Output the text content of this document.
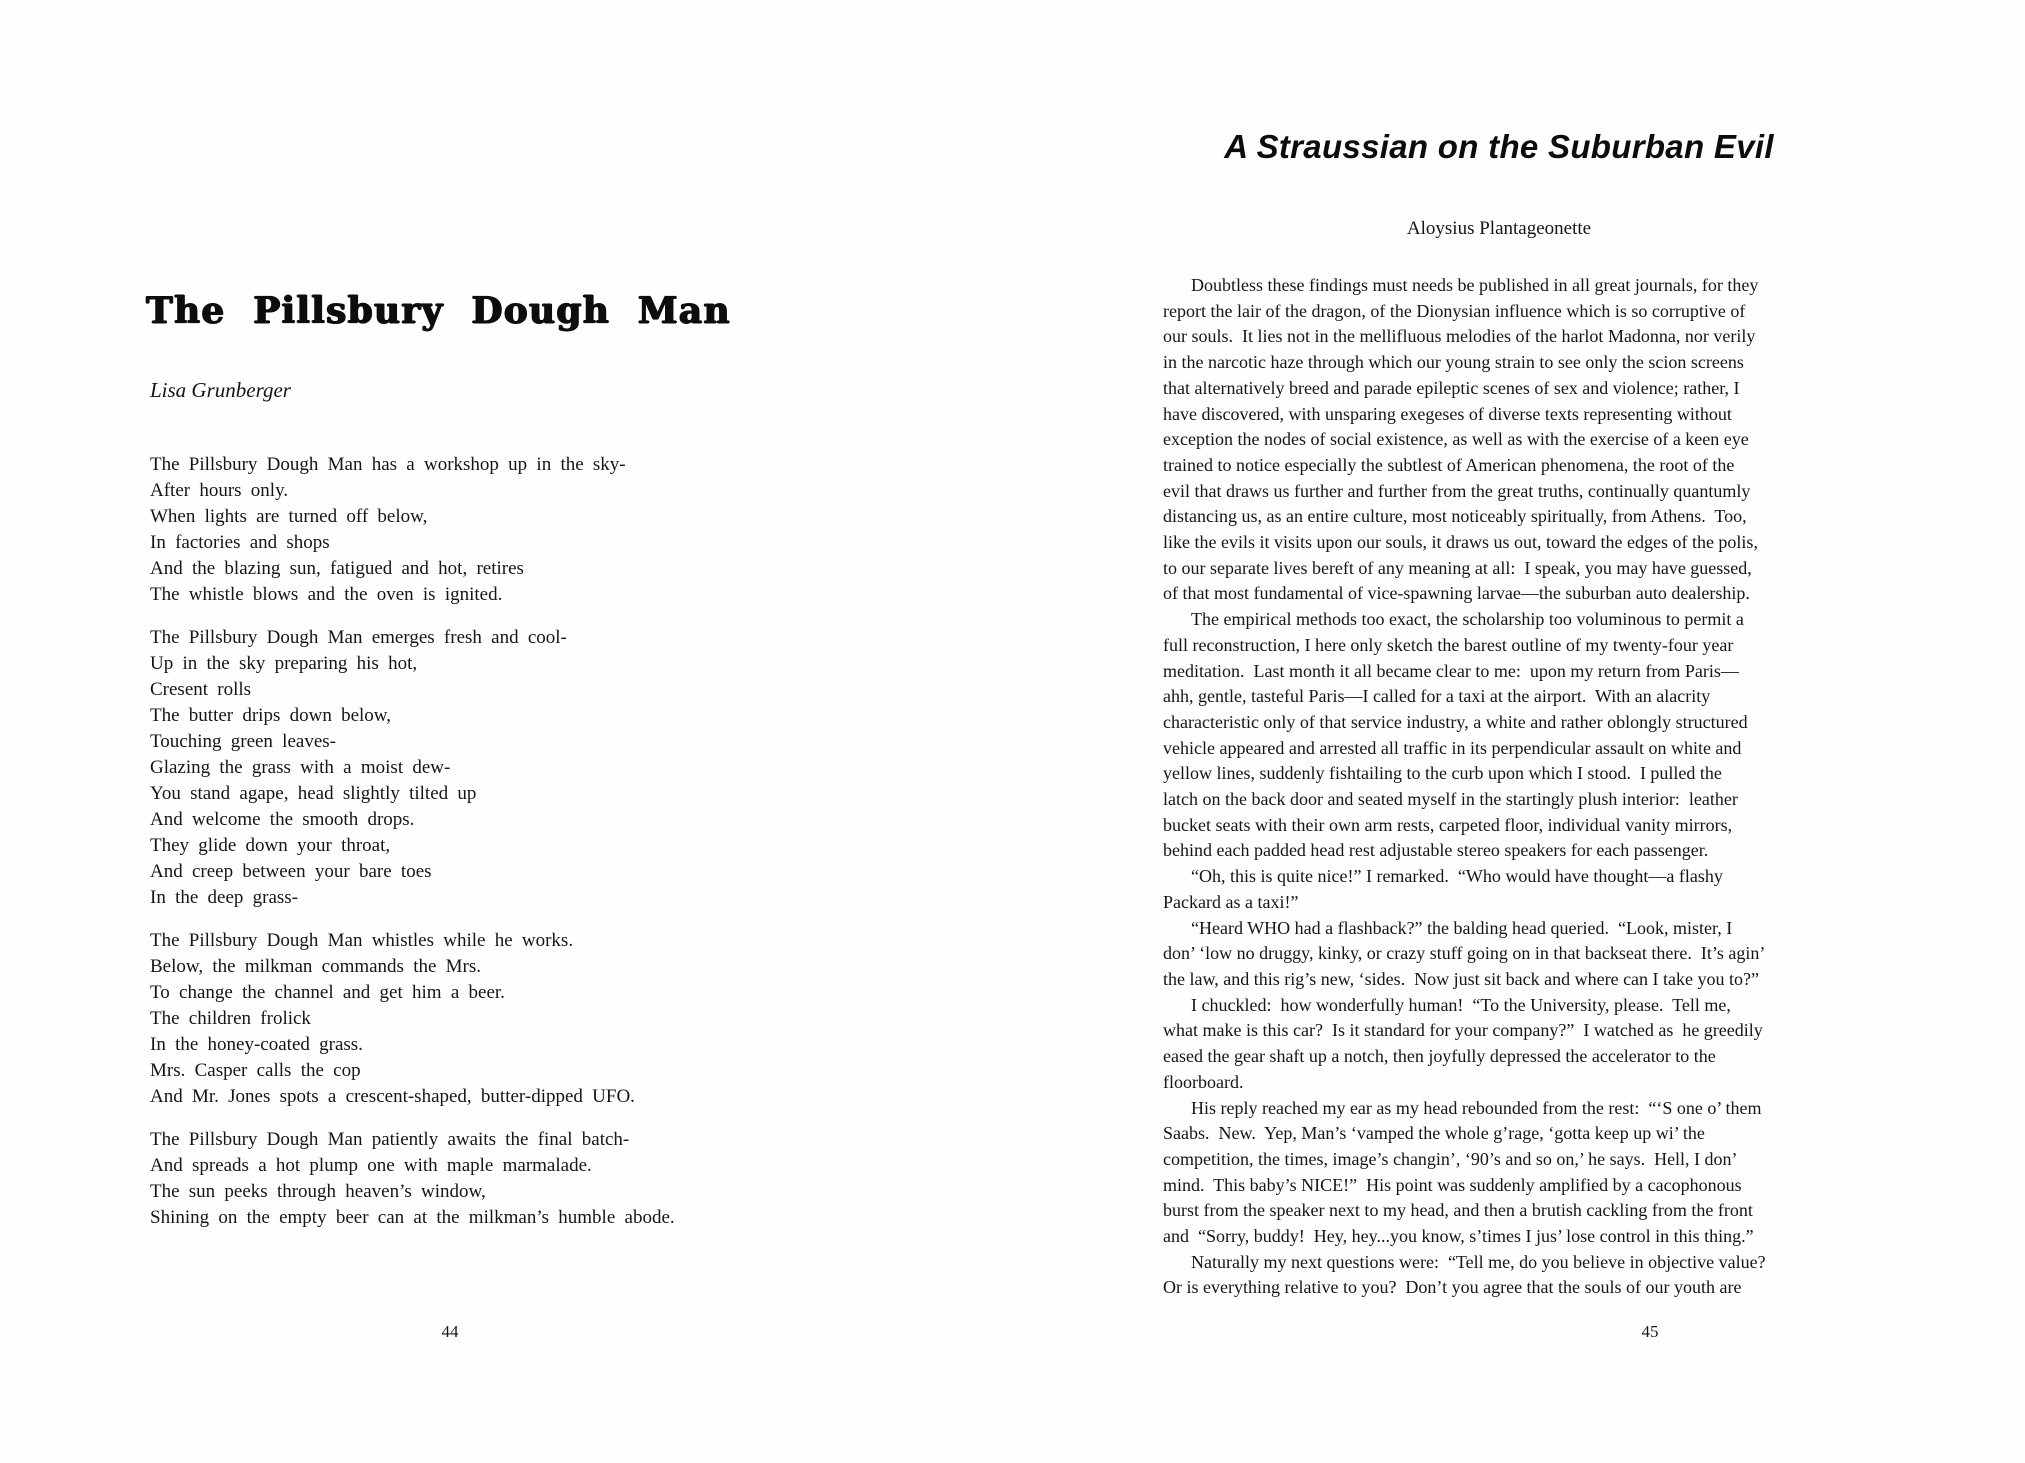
The Pillsbury Dough Man
Lisa Grunberger
The Pillsbury Dough Man has a workshop up in the sky-
After hours only.
When lights are turned off below,
In factories and shops
And the blazing sun, fatigued and hot, retires
The whistle blows and the oven is ignited.
The Pillsbury Dough Man emerges fresh and cool-
Up in the sky preparing his hot,
Cresent rolls
The butter drips down below,
Touching green leaves-
Glazing the grass with a moist dew-
You stand agape, head slightly tilted up
And welcome the smooth drops.
They glide down your throat,
And creep between your bare toes
In the deep grass-
The Pillsbury Dough Man whistles while he works.
Below, the milkman commands the Mrs.
To change the channel and get him a beer.
The children frolick
In the honey-coated grass.
Mrs. Casper calls the cop
And Mr. Jones spots a crescent-shaped, butter-dipped UFO.
The Pillsbury Dough Man patiently awaits the final batch-
And spreads a hot plump one with maple marmalade.
The sun peeks through heaven’s window,
Shining on the empty beer can at the milkman’s humble abode.
44
A Straussian on the Suburban Evil
Aloysius Plantageonette
Doubtless these findings must needs be published in all great journals, for they
report the lair of the dragon, of the Dionysian influence which is so corruptive of
our souls.  It lies not in the mellifluous melodies of the harlot Madonna, nor verily
in the narcotic haze through which our young strain to see only the scion screens
that alternatively breed and parade epileptic scenes of sex and violence; rather, I
have discovered, with unsparing exegeses of diverse texts representing without
exception the nodes of social existence, as well as with the exercise of a keen eye
trained to notice especially the subtlest of American phenomena, the root of the
evil that draws us further and further from the great truths, continually quantumly
distancing us, as an entire culture, most noticeably spiritually, from Athens.  Too,
like the evils it visits upon our souls, it draws us out, toward the edges of the polis,
to our separate lives bereft of any meaning at all:  I speak, you may have guessed,
of that most fundamental of vice-spawning larvae—the suburban auto dealership.
The empirical methods too exact, the scholarship too voluminous to permit a
full reconstruction, I here only sketch the barest outline of my twenty-four year
meditation.  Last month it all became clear to me:  upon my return from Paris—
ahh, gentle, tasteful Paris—I called for a taxi at the airport.  With an alacrity
characteristic only of that service industry, a white and rather oblongly structured
vehicle appeared and arrested all traffic in its perpendicular assault on white and
yellow lines, suddenly fishtailing to the curb upon which I stood.  I pulled the
latch on the back door and seated myself in the startingly plush interior:  leather
bucket seats with their own arm rests, carpeted floor, individual vanity mirrors,
behind each padded head rest adjustable stereo speakers for each passenger.
“Oh, this is quite nice!” I remarked.  “Who would have thought—a flashy
Packard as a taxi!”
“Heard WHO had a flashback?” the balding head queried.  “Look, mister, I
don’ ‘low no druggy, kinky, or crazy stuff going on in that backseat there.  It’s agin’
the law, and this rig’s new, ‘sides.  Now just sit back and where can I take you to?”
I chuckled:  how wonderfully human!  “To the University, please.  Tell me,
what make is this car?  Is it standard for your company?”  I watched as  he greedily
eased the gear shaft up a notch, then joyfully depressed the accelerator to the
floorboard.
His reply reached my ear as my head rebounded from the rest:  “‘S one o’ them
Saabs.  New.  Yep, Man’s ‘vamped the whole g’rage, ‘gotta keep up wi’ the
competition, the times, image’s changin’, ‘90’s and so on,’ he says.  Hell, I don’
mind.  This baby’s NICE!”  His point was suddenly amplified by a cacophonous
burst from the speaker next to my head, and then a brutish cackling from the front
and  “Sorry, buddy!  Hey, hey...you know, s’times I jus’ lose control in this thing.”
Naturally my next questions were:  “Tell me, do you believe in objective value?
Or is everything relative to you?  Don’t you agree that the souls of our youth are
45
